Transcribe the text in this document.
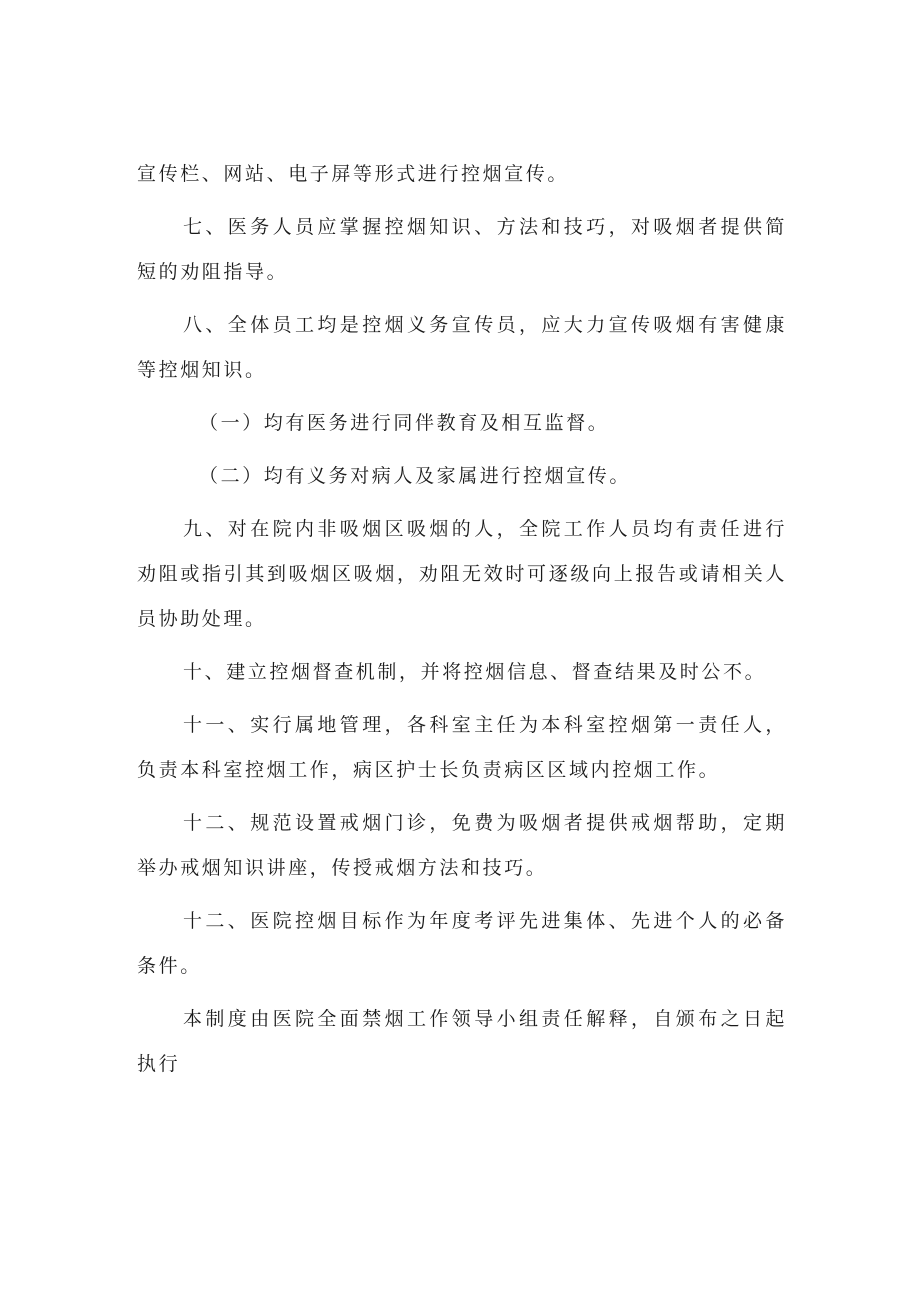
宣传栏、网站、电子屏等形式进行控烟宣传。

七、医务人员应掌握控烟知识、方法和技巧，对吸烟者提供简短的劝阻指导。

八、全体员工均是控烟义务宣传员，应大力宣传吸烟有害健康等控烟知识。

（一）均有医务进行同伴教育及相互监督。

（二）均有义务对病人及家属进行控烟宣传。

九、对在院内非吸烟区吸烟的人，全院工作人员均有责任进行劝阻或指引其到吸烟区吸烟，劝阻无效时可逐级向上报告或请相关人员协助处理。

十、建立控烟督查机制，并将控烟信息、督查结果及时公不。

十一、实行属地管理，各科室主任为本科室控烟第一责任人，负责本科室控烟工作，病区护士长负责病区区域内控烟工作。

十二、规范设置戒烟门诊，免费为吸烟者提供戒烟帮助，定期举办戒烟知识讲座，传授戒烟方法和技巧。

十二、医院控烟目标作为年度考评先进集体、先进个人的必备条件。

本制度由医院全面禁烟工作领导小组责任解释，自颁布之日起执行
